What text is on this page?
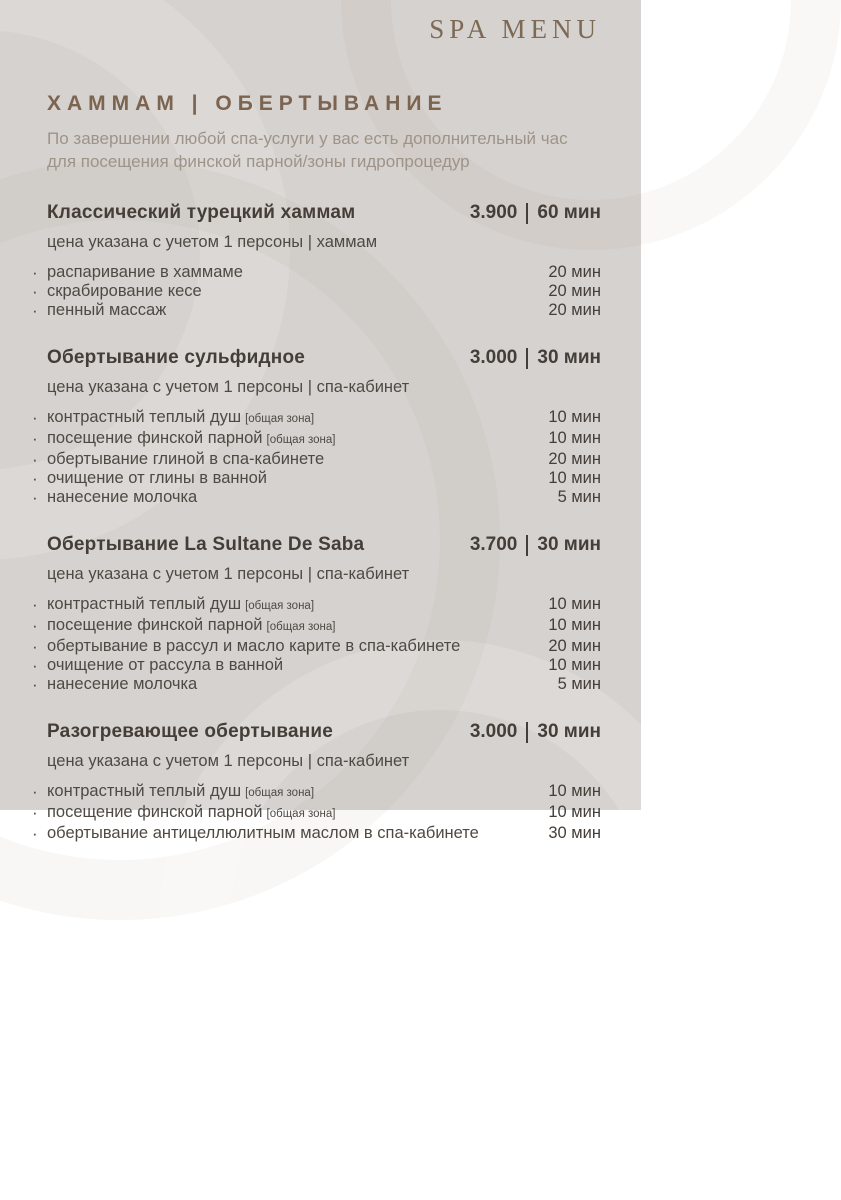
SPA MENU
ХАММАМ | ОБЕРТЫВАНИЕ

По завершении любой спа-услуги у вас есть дополнительный час для посещения финской парной/зоны гидропроцедур

Классический турецкий хаммам	3.900 60 мин

цена указана с учетом 1 персоны | хаммам

· распаривание в хаммаме	20 мин
· скрабирование кесе	20 мин
· пенный массаж	20 мин
Обертывание сульфидное	3.000 30 мин

цена указана с учетом 1 персоны | спа-кабинет

· контрастный теплый душ [общая зона]	10 мин
· посещение финской парной [общая зона]	10 мин
· обертывание глиной в спа-кабинете	20 мин
· очищение от глины в ванной	10 мин
· нанесение молочка	5 мин
Обертывание La Sultane De Saba	3.700 30 мин

цена указана с учетом 1 персоны | спа-кабинет

· контрастный теплый душ [общая зона]	10 мин
· посещение финской парной [общая зона]	10 мин
· обертывание в рассул и масло карите в спа-кабинете	20 мин
· очищение от рассула в ванной	10 мин
· нанесение молочка	5 мин
Разогревающее обертывание	3.000 30 мин

цена указана с учетом 1 персоны | спа-кабинет

· контрастный теплый душ [общая зона]	10 мин
· посещение финской парной [общая зона]	10 мин
· обертывание антицеллюлитным маслом в спа-кабинете	30 мин
